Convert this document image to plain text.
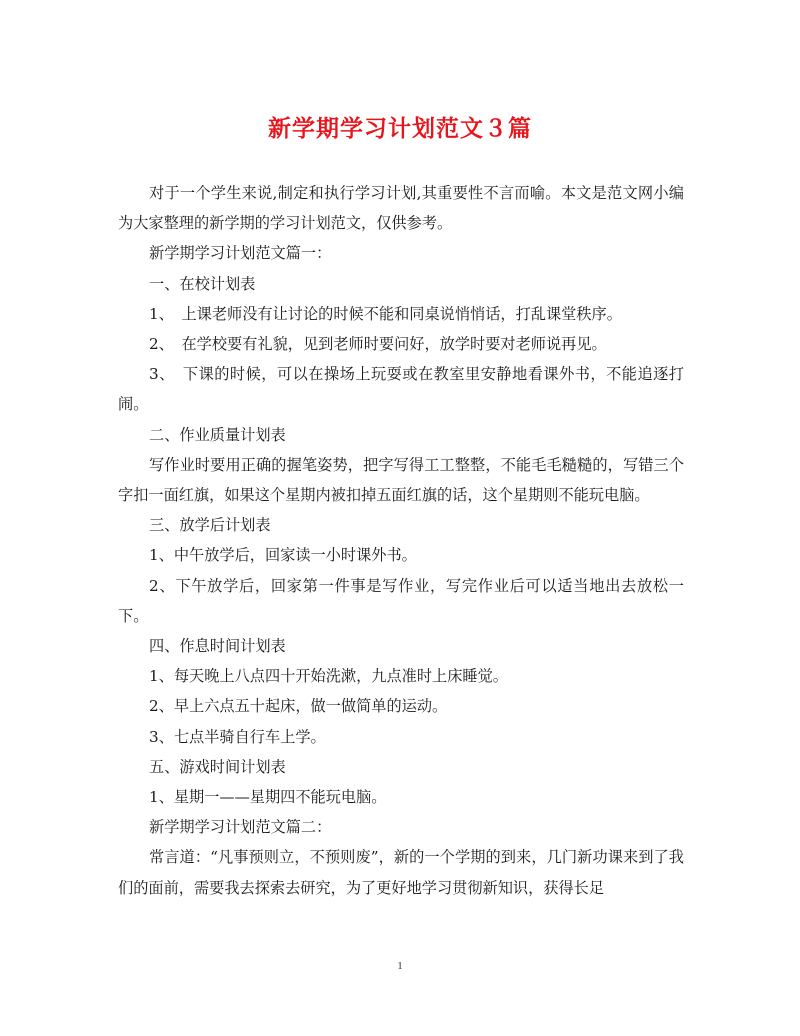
新学期学习计划范文３篇

对于一个学生来说,制定和执行学习计划,其重要性不言而喻。本文是范文网小编为大家整理的新学期的学习计划范文，仅供参考。

新学期学习计划范文篇一：

一、在校计划表

1、　上课老师没有让讨论的时候不能和同桌说悄悄话，打乱课堂秩序。

2、　在学校要有礼貌，见到老师时要问好，放学时要对老师说再见。

3、　下课的时候，可以在操场上玩耍或在教室里安静地看课外书，不能追逐打闹。

二、作业质量计划表

写作业时要用正确的握笔姿势，把字写得工工整整，不能毛毛糙糙的，写错三个字扣一面红旗，如果这个星期内被扣掉五面红旗的话，这个星期则不能玩电脑。

三、放学后计划表

1、中午放学后，回家读一小时课外书。

2、下午放学后，回家第一件事是写作业，写完作业后可以适当地出去放松一下。

四、作息时间计划表

1、每天晚上八点四十开始洗漱，九点准时上床睡觉。

2、早上六点五十起床，做一做简单的运动。

3、七点半骑自行车上学。

五、游戏时间计划表

1、星期一——星期四不能玩电脑。

新学期学习计划范文篇二：

常言道：“凡事预则立，不预则废”，新的一个学期的到来，几门新功课来到了我们的面前，需要我去探索去研究，为了更好地学习贯彻新知识，获得长足

1
